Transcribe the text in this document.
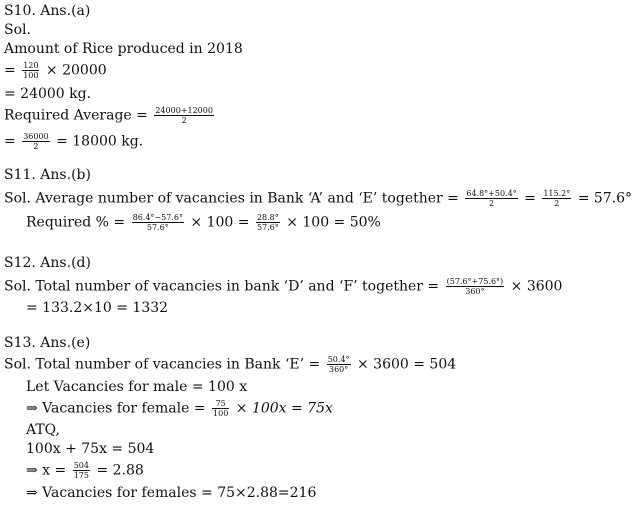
S10. Ans.(a)
Sol.
Amount of Rice produced in 2018
= $\frac{120}{100} \times 20000$
= 24000 kg.
Required Average = $\frac{24000+12000}{2}$
= $\frac{36000}{2} = 18000$ kg.
S11. Ans.(b)
Sol. Average number of vacancies in Bank ‘A’ and ‘E’ together = $\frac{64.8^\circ+50.4^\circ}{2} = \frac{115.2^\circ}{2} = 57.6^\circ$
Required % = $\frac{86.4^\circ-57.6^\circ}{57.6^\circ} \times 100 = \frac{28.8^\circ}{57.6^\circ} \times 100 = 50\%$
S12. Ans.(d)
Sol. Total number of vacancies in bank ‘D’ and ‘F’ together = $\frac{(57.6^\circ+75.6^\circ)}{360^\circ} \times 3600$
= 133.2×10 = 1332
S13. Ans.(e)
Sol. Total number of vacancies in Bank ‘E’ = $\frac{50.4^\circ}{360^\circ} \times 3600 = 504$
Let Vacancies for male = 100 x
⇒ Vacancies for female = $\frac{75}{100} \times 100x = 75x$
ATQ,
100x + 75x = 504
⇒ $x = \frac{504}{175} = 2.88$
⇒ Vacancies for females = 75×2.88=216
